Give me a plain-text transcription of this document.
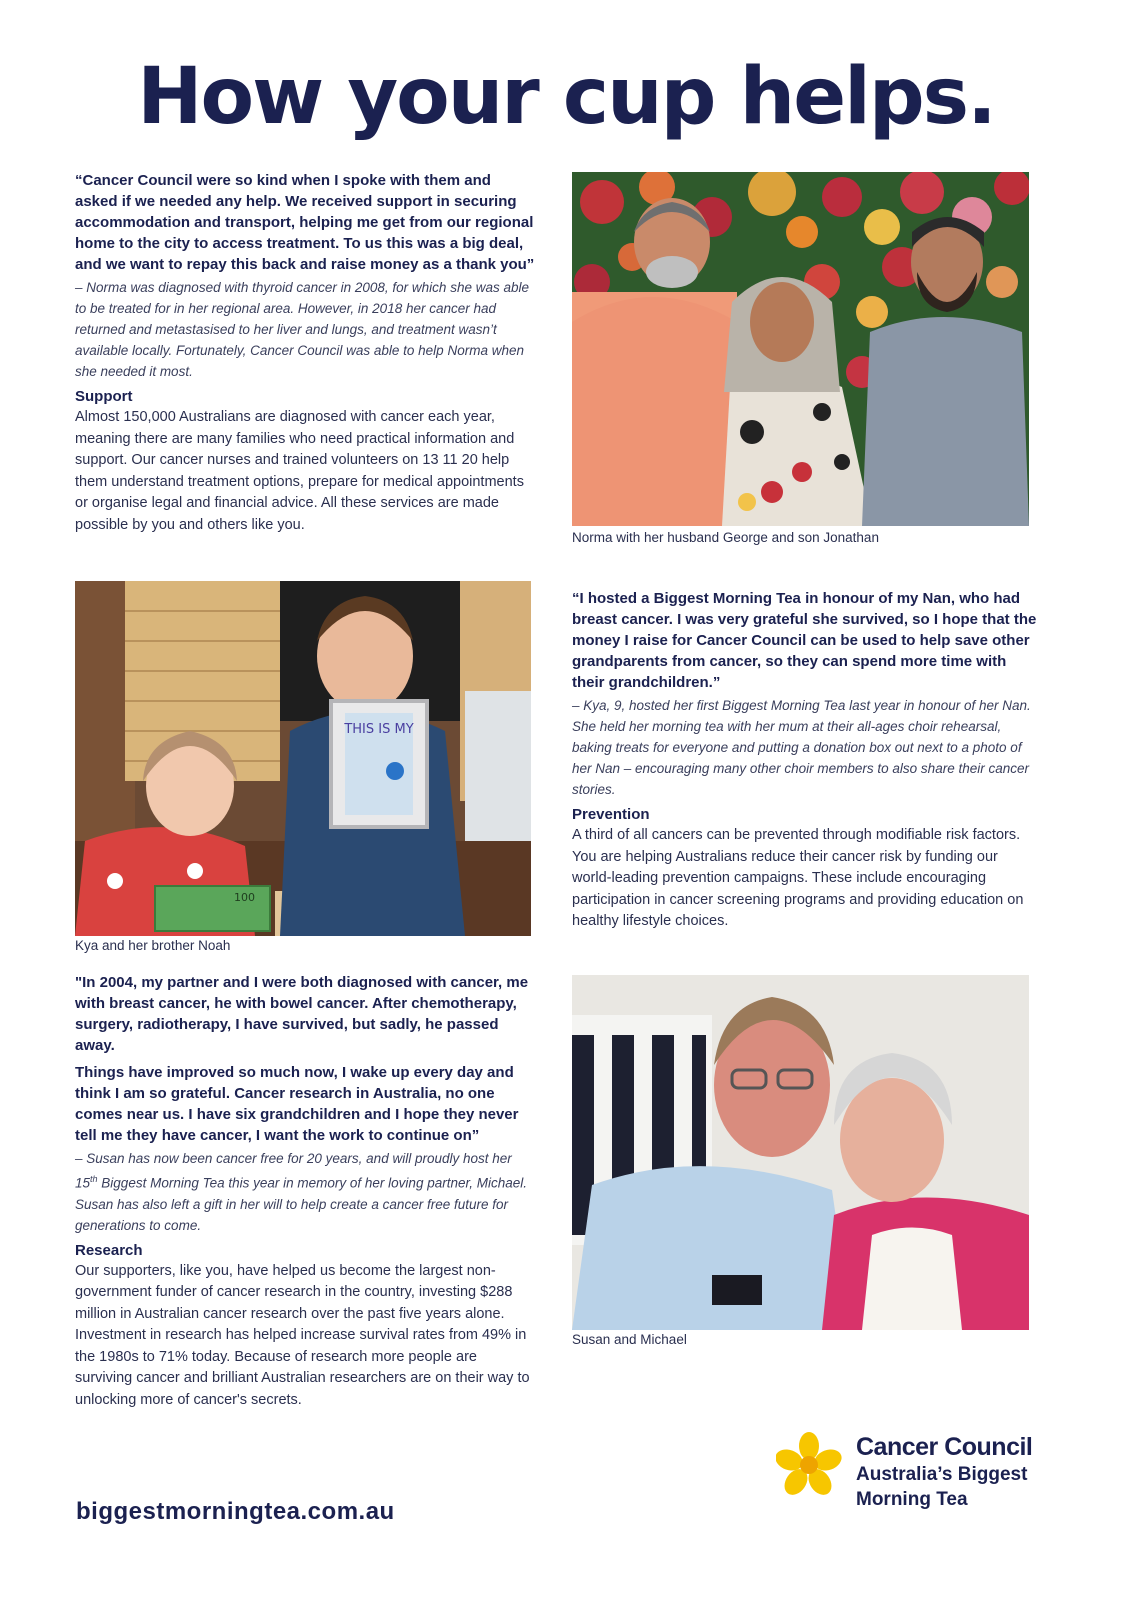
How your cup helps.

“Cancer Council were so kind when I spoke with them and asked if we needed any help. We received support in securing accommodation and transport, helping me get from our regional home to the city to access treatment. To us this was a big deal, and we want to repay this back and raise money as a thank you”

– Norma was diagnosed with thyroid cancer in 2008, for which she was able to be treated for in her regional area. However, in 2018 her cancer had returned and metastasised to her liver and lungs, and treatment wasn’t available locally. Fortunately, Cancer Council was able to help Norma when she needed it most.

Support

Almost 150,000 Australians are diagnosed with cancer each year, meaning there are many families who need practical information and support. Our cancer nurses and trained volunteers on 13 11 20 help them understand treatment options, prepare for medical appointments or organise legal and financial advice. All these services are made possible by you and others like you.

Norma with her husband George and son Jonathan
THIS IS MY
100
Kya and her brother Noah

“I hosted a Biggest Morning Tea in honour of my Nan, who had breast cancer. I was very grateful she survived, so I hope that the money I raise for Cancer Council can be used to help save other grandparents from cancer, so they can spend more time with their grandchildren.”

– Kya, 9, hosted her first Biggest Morning Tea last year in honour of her Nan. She held her morning tea with her mum at their all-ages choir rehearsal, baking treats for everyone and putting a donation box out next to a photo of her Nan – encouraging many other choir members to also share their cancer stories.

Prevention

A third of all cancers can be prevented through modifiable risk factors. You are helping Australians reduce their cancer risk by funding our world-leading prevention campaigns. These include encouraging participation in cancer screening programs and providing education on healthy lifestyle choices.

"In 2004, my partner and I were both diagnosed with cancer, me with breast cancer, he with bowel cancer. After chemotherapy, surgery, radiotherapy, I have survived, but sadly, he passed away.

Things have improved so much now, I wake up every day and think I am so grateful. Cancer research in Australia, no one comes near us. I have six grandchildren and I hope they never tell me they have cancer, I want the work to continue on”

– Susan has now been cancer free for 20 years, and will proudly host her 15th Biggest Morning Tea this year in memory of her loving partner, Michael. Susan has also left a gift in her will to help create a cancer free future for generations to come.

Research

Our supporters, like you, have helped us become the largest non-government funder of cancer research in the country, investing $288 million in Australian cancer research over the past five years alone. Investment in research has helped increase survival rates from 49% in the 1980s to 71% today. Because of research more people are surviving cancer and brilliant Australian researchers are on their way to unlocking more of cancer's secrets.

Susan and Michael
biggestmorningtea.com.au
Cancer Council
Australia’s Biggest
Morning Tea
